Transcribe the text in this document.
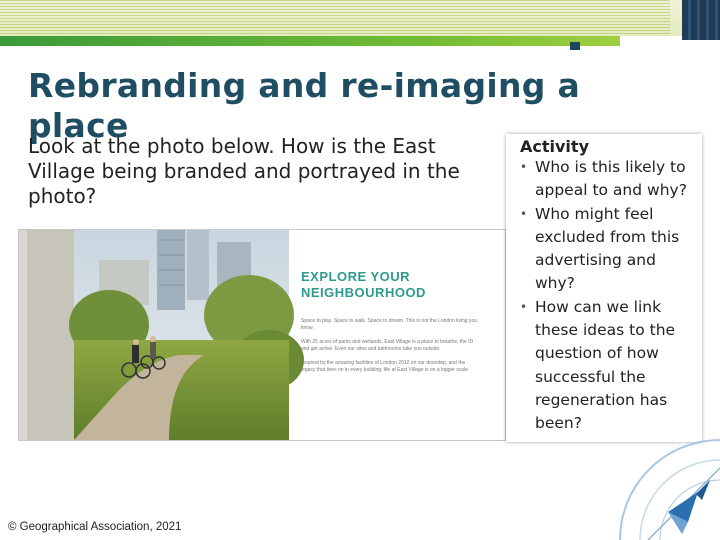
Rebranding and re-imaging a place

Look at the photo below. How is the East Village being branded and portrayed in the photo?

EXPLORE YOUR
NEIGHBOURHOOD

Space to play. Space to walk. Space to dream. This is not the London living you know.

With 25 acres of parks and wetlands, East Village is a place to breathe, the ID and get active. Even our sites and bathrooms take you outside.

Inspired by the amazing facilities of London 2012 on our doorstep, and the legacy that lives on in every building, life at East Village is on a bigger scale.

Activity
• Who is this likely to appeal to and why?
• Who might feel excluded from this advertising and why?
• How can we link these ideas to the question of how successful the regeneration has been?

© Geographical Association, 2021
